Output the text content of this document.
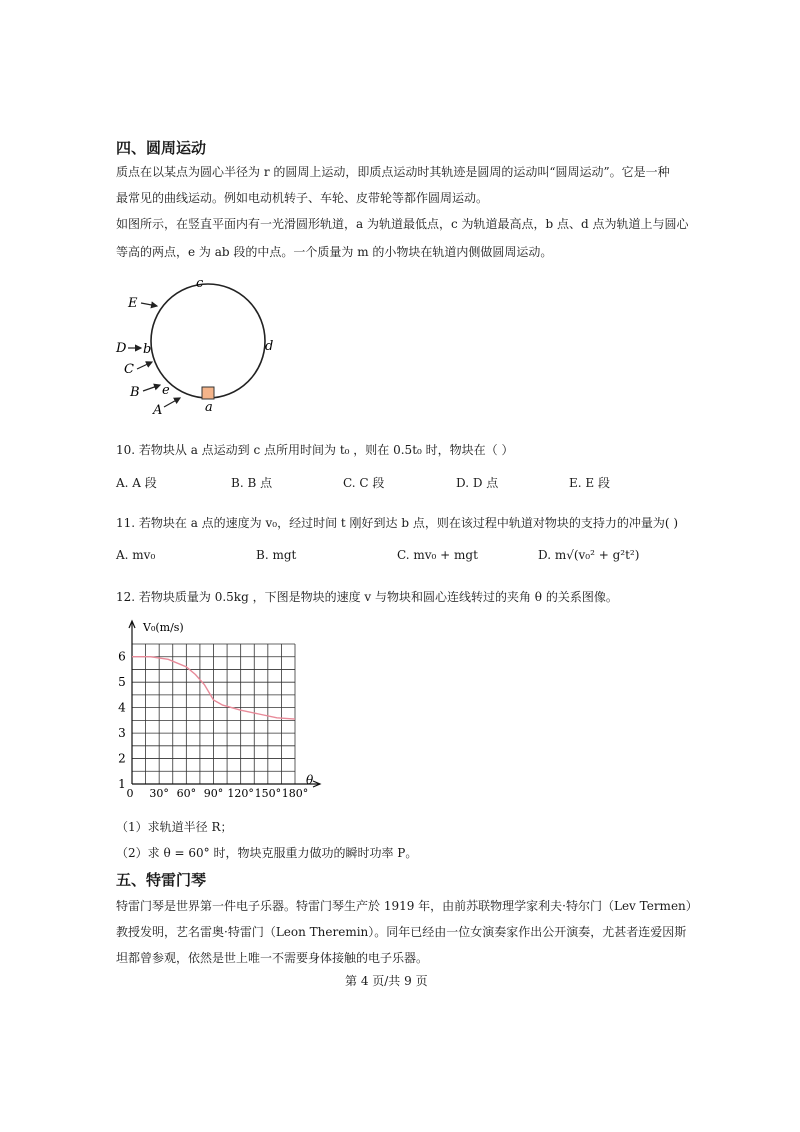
四、圆周运动
质点在以某点为圆心半径为 r 的圆周上运动，即质点运动时其轨迹是圆周的运动叫“圆周运动”。它是一种
最常见的曲线运动。例如电动机转子、车轮、皮带轮等都作圆周运动。
如图所示，在竖直平面内有一光滑圆形轨道，a 为轨道最低点，c 为轨道最高点，b 点、d 点为轨道上与圆心
等高的两点，e 为 ab 段的中点。一个质量为 m 的小物块在轨道内侧做圆周运动。
c
d
b
e
a
E
D
C
B
A
10. 若物块从 a 点运动到 c 点所用时间为 t₀ ，则在 0.5t₀ 时，物块在（ ）
A. A 段	B. B 点	C. C 段	D. D 点	E. E 段
11. 若物块在 a 点的速度为 v₀，经过时间 t 刚好到达 b 点，则在该过程中轨道对物块的支持力的冲量为( )
A. mv₀	B. mgt	C. mv₀ + mgt	D. m√(v₀² + g²t²)
12. 若物块质量为 0.5kg ，下图是物块的速度 v 与物块和圆心连线转过的夹角 θ 的关系图像。
1
2
3
4
5
6
0 30° 60° 90° 120° 150° 180°
V₀(m/s)
θ
（1）求轨道半径 R；
（2）求 θ = 60° 时，物块克服重力做功的瞬时功率 P。
五、特雷门琴
特雷门琴是世界第一件电子乐器。特雷门琴生产於 1919 年，由前苏联物理学家利夫·特尔门（Lev Termen）
教授发明，艺名雷奥·特雷门（Leon Theremin）。同年已经由一位女演奏家作出公开演奏，尤甚者连爱因斯
坦都曾参观，依然是世上唯一不需要身体接触的电子乐器。
第 4 页/共 9 页
